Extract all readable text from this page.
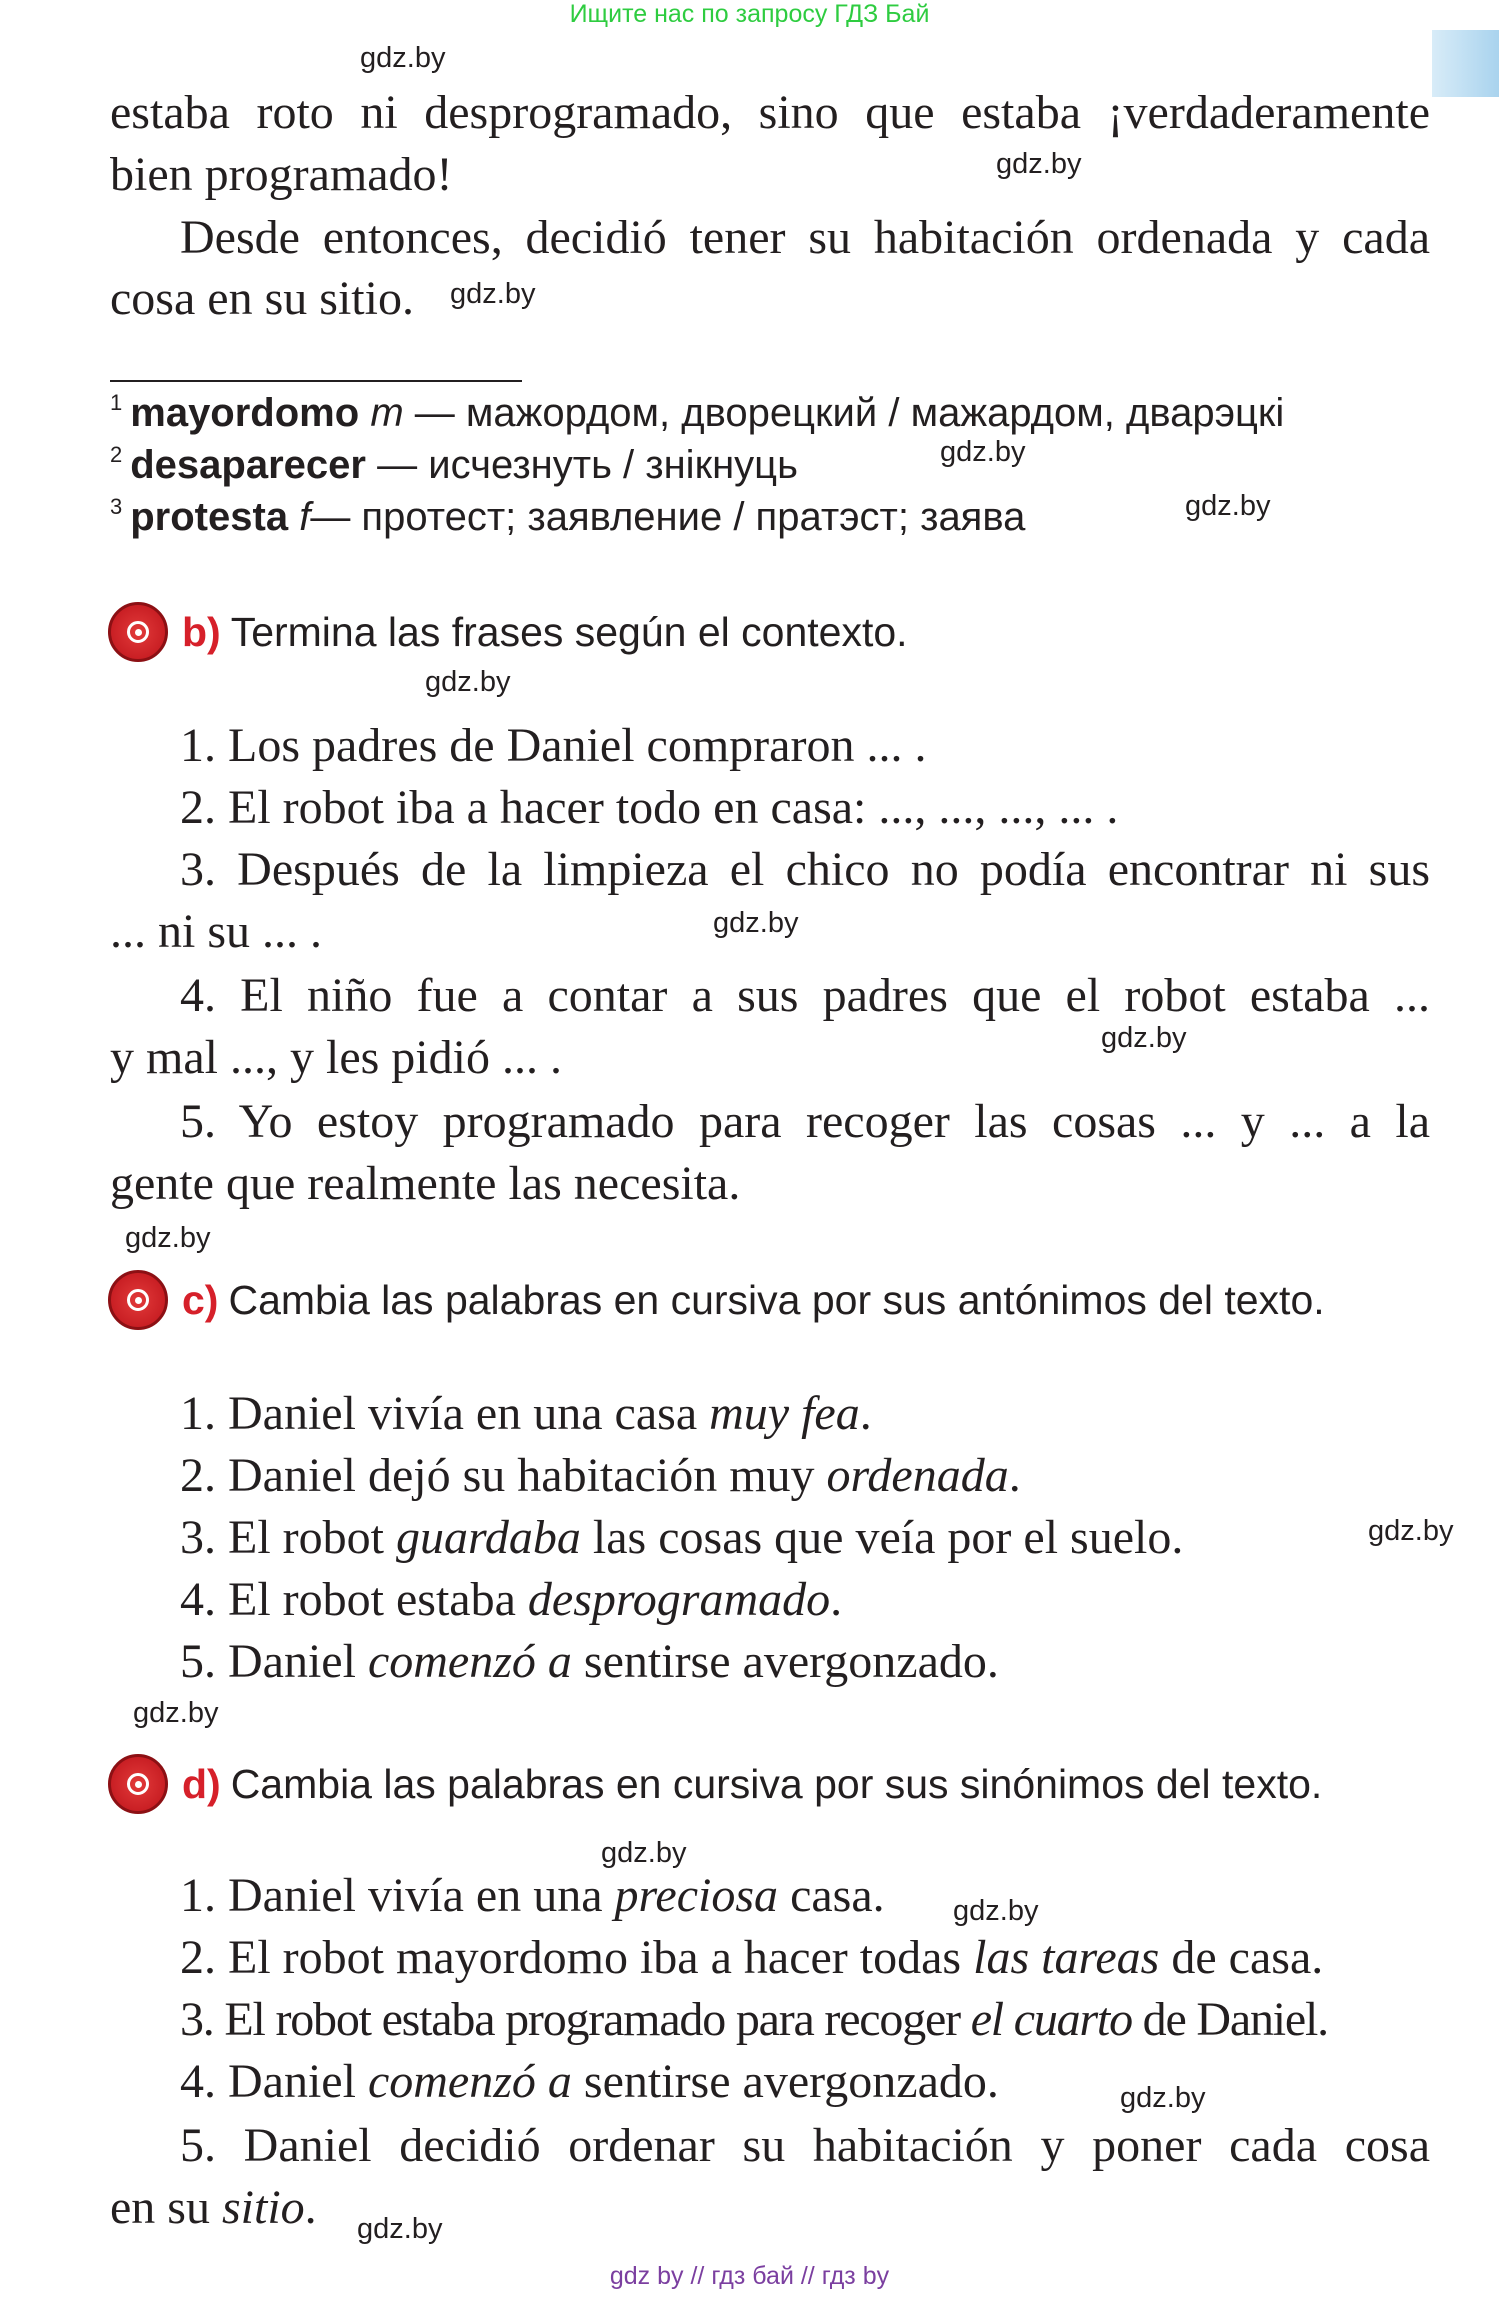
Ищите нас по запросу ГДЗ Бай
gdz.by
gdz.by
gdz.by
gdz.by
gdz.by
gdz.by
gdz.by
gdz.by
gdz.by
gdz.by
gdz.by
gdz.by
gdz.by
gdz.by
gdz.by
estaba roto ni desprogramado, sino que estaba ¡verdaderamente
bien programado!
Desde entonces, decidió tener su habitación ordenada y cada
cosa en su sitio.
$^1$ mayordomo m — мажордом, дворецкий / мажардом, дварэцкі
$^2$ desaparecer — исчезнуть / знікнуць
$^3$ protesta f— протест; заявление / пратэст; заява
b) Termina las frases según el contexto.
1. Los padres de Daniel compraron ... .
2. El robot iba a hacer todo en casa: ..., ..., ..., ... .
3. Después de la limpieza el chico no podía encontrar ni sus
... ni su ... .
4. El niño fue a contar a sus padres que el robot estaba ...
y mal ..., y les pidió ... .
5. Yo estoy programado para recoger las cosas ... y ... a la
gente que realmente las necesita.
c) Cambia las palabras en cursiva por sus antónimos del texto.
1. Daniel vivía en una casa muy fea.
2. Daniel dejó su habitación muy ordenada.
3. El robot guardaba las cosas que veía por el suelo.
4. El robot estaba desprogramado.
5. Daniel comenzó a sentirse avergonzado.
d) Cambia las palabras en cursiva por sus sinónimos del texto.
1. Daniel vivía en una preciosa casa.
2. El robot mayordomo iba a hacer todas las tareas de casa.
3. El robot estaba programado para recoger el cuarto de Daniel.
4. Daniel comenzó a sentirse avergonzado.
5. Daniel decidió ordenar su habitación y poner cada cosa
en su sitio.
gdz by // гдз бай // гдз by
